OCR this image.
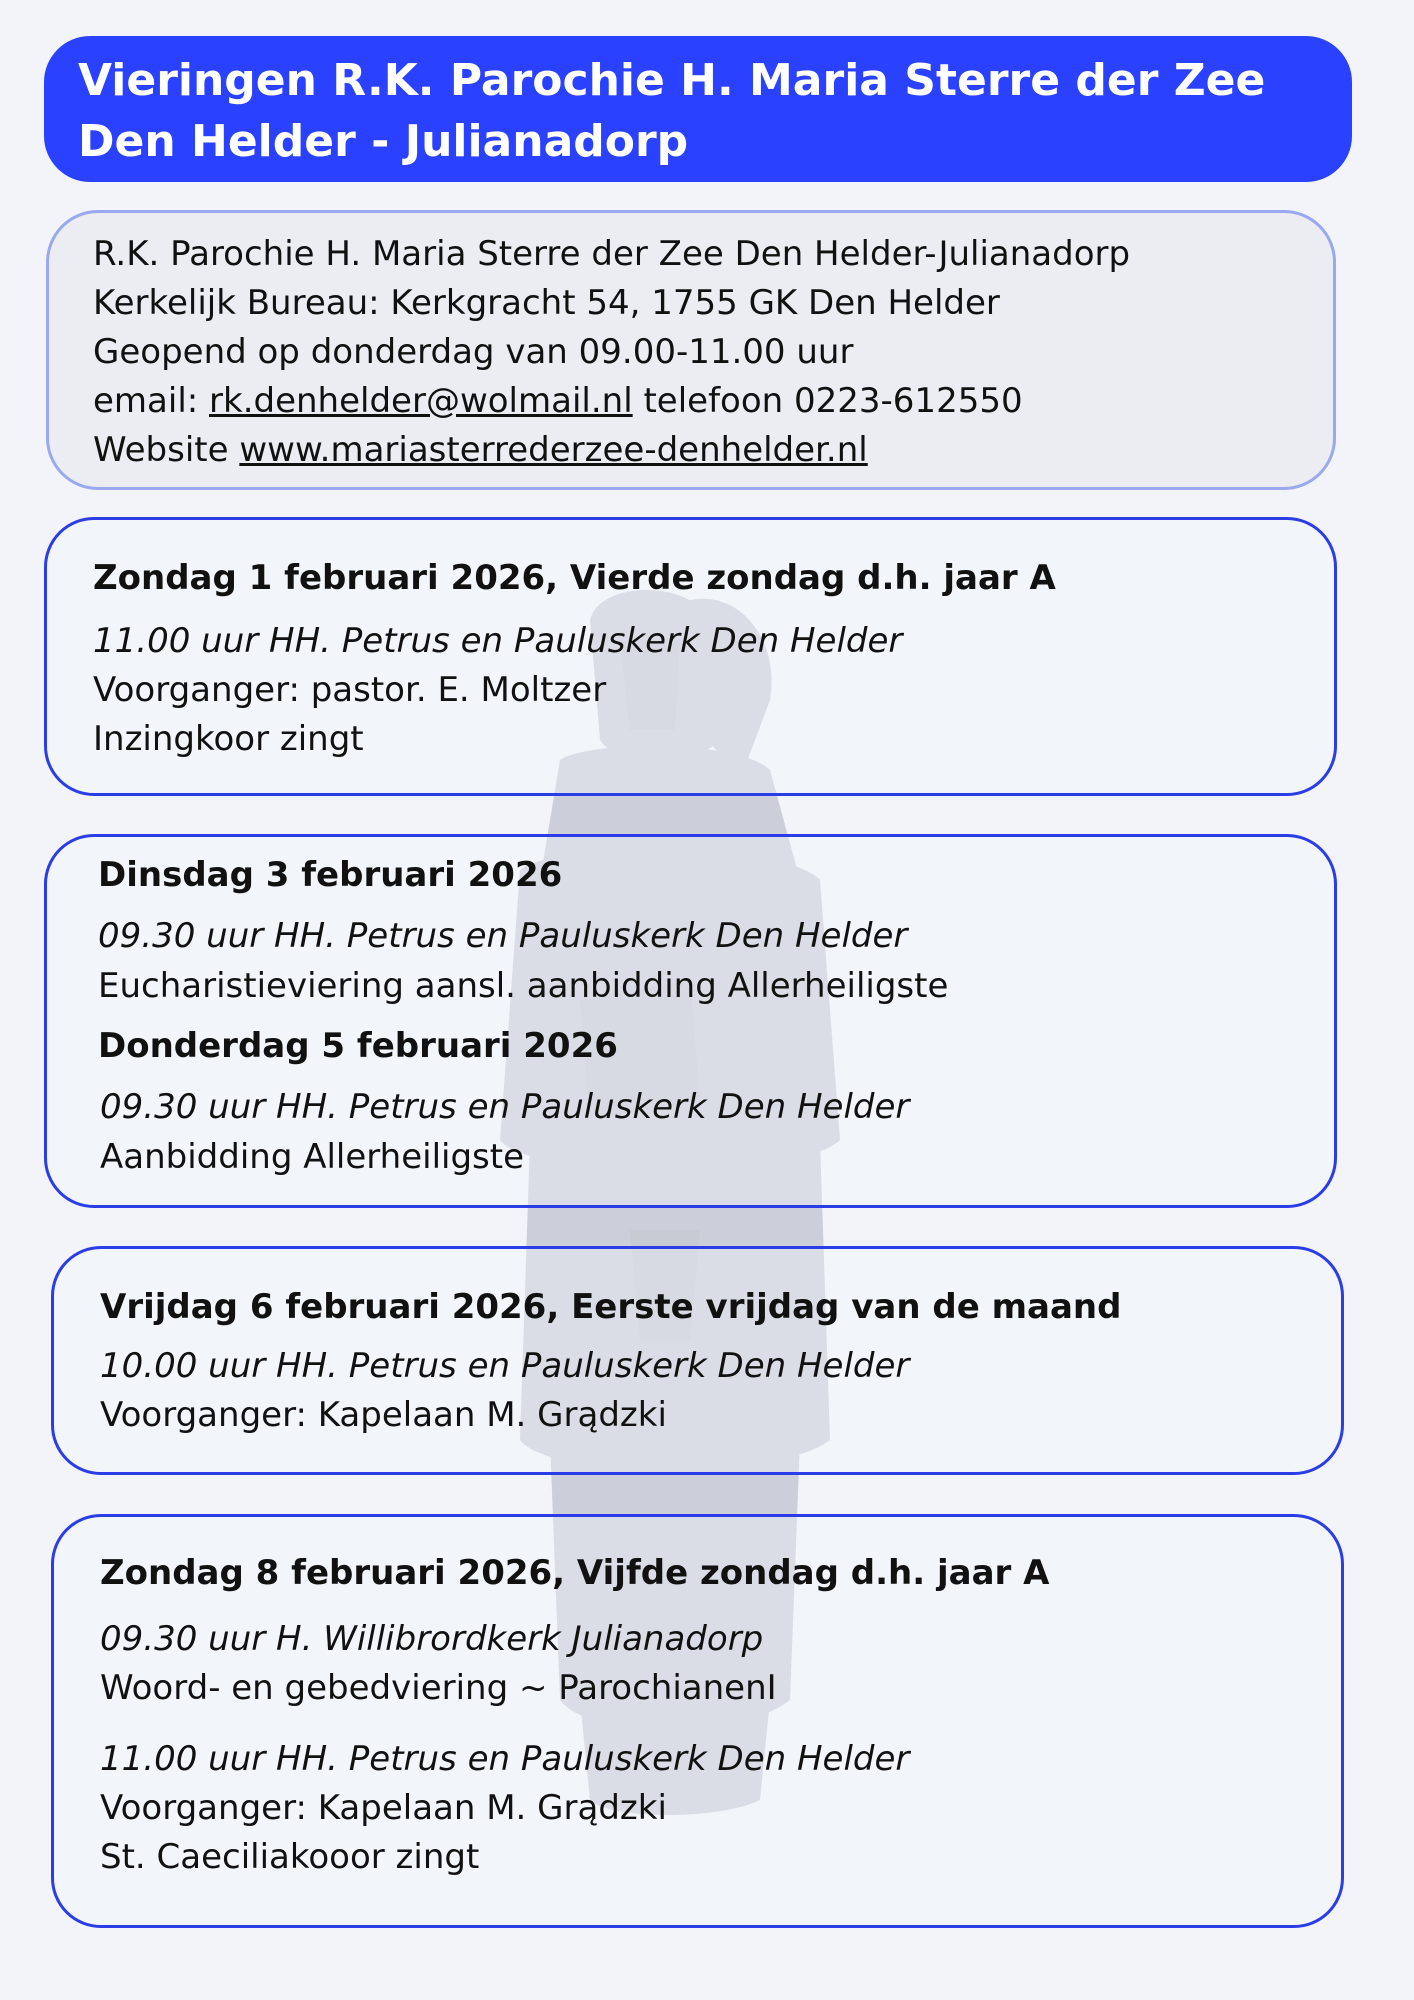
Vieringen R.K. Parochie H. Maria Sterre der Zee
Den Helder - Julianadorp
R.K. Parochie H. Maria Sterre der Zee Den Helder-Julianadorp
Kerkelijk Bureau: Kerkgracht 54, 1755 GK Den Helder
Geopend op donderdag van 09.00-11.00 uur
email: rk.denhelder@wolmail.nl telefoon 0223-612550
Website www.mariasterrederzee-denhelder.nl
Zondag 1 februari 2026, Vierde zondag d.h. jaar A
11.00 uur HH. Petrus en Pauluskerk Den Helder
Voorganger: pastor. E. Moltzer
Inzingkoor zingt
Dinsdag 3 februari 2026
09.30 uur HH. Petrus en Pauluskerk Den Helder
Eucharistieviering aansl. aanbidding Allerheiligste
Donderdag 5 februari 2026
09.30 uur HH. Petrus en Pauluskerk Den Helder
Aanbidding Allerheiligste
Vrijdag 6 februari 2026, Eerste vrijdag van de maand
10.00 uur HH. Petrus en Pauluskerk Den Helder
Voorganger: Kapelaan M. Grądzki
Zondag 8 februari 2026, Vijfde zondag d.h. jaar A
09.30 uur H. Willibrordkerk Julianadorp
Woord- en gebedviering ~ ParochianenI
11.00 uur HH. Petrus en Pauluskerk Den Helder
Voorganger: Kapelaan M. Grądzki
St. Caeciliakooor zingt
